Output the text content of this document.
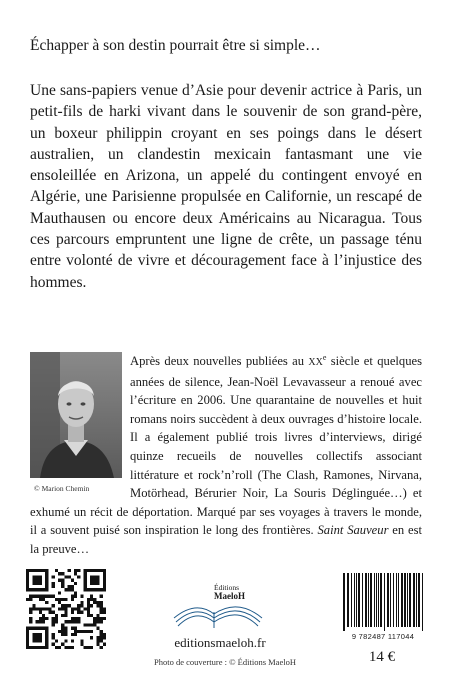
Échapper à son destin pourrait être si simple…

Une sans-papiers venue d’Asie pour devenir actrice à Paris, un petit-fils de harki vivant dans le souvenir de son grand-père, un boxeur philippin croyant en ses poings dans le désert australien, un clandestin mexicain fantasmant une vie ensoleillée en Arizona, un appelé du contingent envoyé en Algérie, une Parisienne propulsée en Californie, un rescapé de Mauthausen ou encore deux Américains au Nicaragua. Tous ces parcours empruntent une ligne de crête, un passage ténu entre volonté de vivre et découragement face à l’injustice des hommes.

© Marion Chemin
Après deux nouvelles publiées au XXe siècle et quelques années de silence, Jean-Noël Levavasseur a renoué avec l’écriture en 2006. Une quarantaine de nouvelles et huit romans noirs succèdent à deux ouvrages d’histoire locale. Il a également publié trois livres d’interviews, dirigé quinze recueils de nouvelles collectifs associant littérature et rock’n’roll (The Clash, Ramones, Nirvana, Motörhead, Bérurier Noir, La Souris Déglinguée…) et exhumé un récit de déportation. Marqué par ses voyages à travers le monde, il a souvent puisé son inspiration le long des frontières. Saint Sauveur en est la preuve…
Éditions
MaeloH
editionsmaeloh.fr
Photo de couverture : © Éditions MaeloH
9 782487 117044
14 €
